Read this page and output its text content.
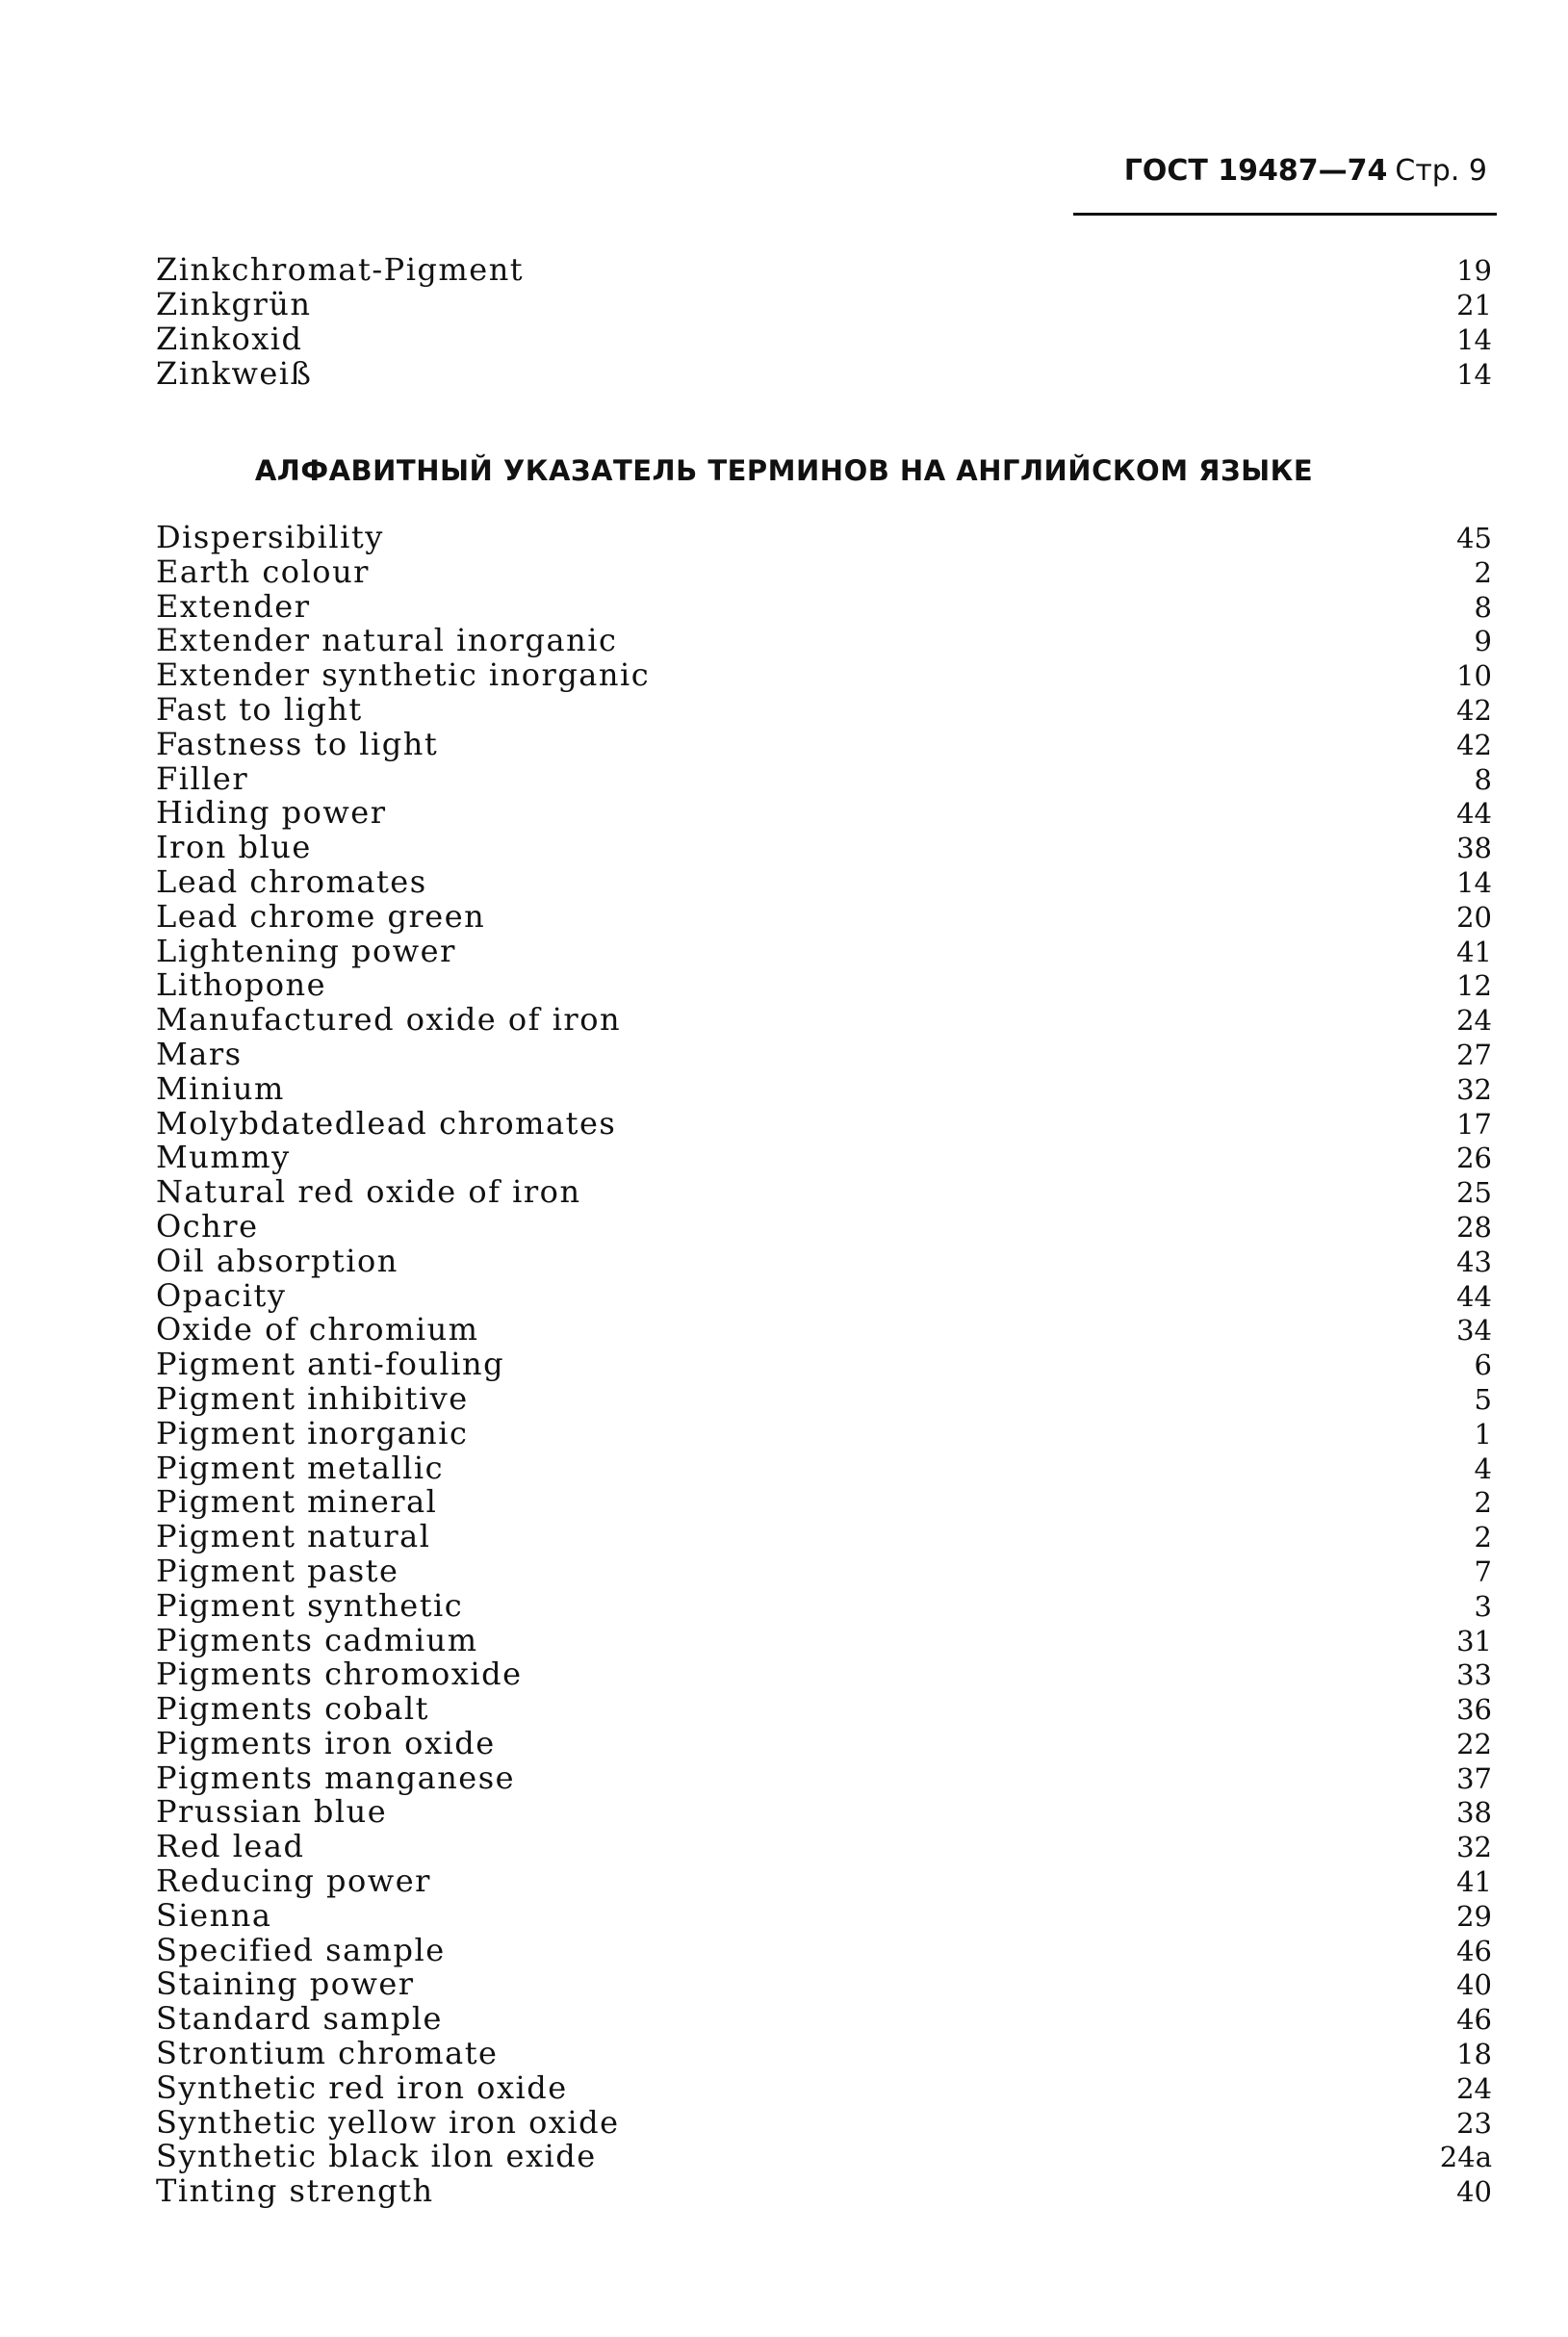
ГОСТ 19487—74 Стр. 9
Zinkchromat-Pigment	19
Zinkgrün	21
Zinkoxid	14
Zinkweiß	14
АЛФАВИТНЫЙ УКАЗАТЕЛЬ ТЕРМИНОВ НА АНГЛИЙСКОМ ЯЗЫКЕ
Dispersibility	45
Earth colour	2
Extender	8
Extender natural inorganic	9
Extender synthetic inorganic	10
Fast to light	42
Fastness to light	42
Filler	8
Hiding power	44
Iron blue	38
Lead chromates	14
Lead chrome green	20
Lightening power	41
Lithopone	12
Manufactured oxide of iron	24
Mars	27
Minium	32
Molybdatedlead chromates	17
Mummy	26
Natural red oxide of iron	25
Ochre	28
Oil absorption	43
Opacity	44
Oxide of chromium	34
Pigment anti-fouling	6
Pigment inhibitive	5
Pigment inorganic	1
Pigment metallic	4
Pigment mineral	2
Pigment natural	2
Pigment paste	7
Pigment synthetic	3
Pigments cadmium	31
Pigments chromoxide	33
Pigments cobalt	36
Pigments iron oxide	22
Pigments manganese	37
Prussian blue	38
Red lead	32
Reducing power	41
Sienna	29
Specified sample	46
Staining power	40
Standard sample	46
Strontium chromate	18
Synthetic red iron oxide	24
Synthetic yellow iron oxide	23
Synthetic black ilon exide	24a
Tinting strength	40
